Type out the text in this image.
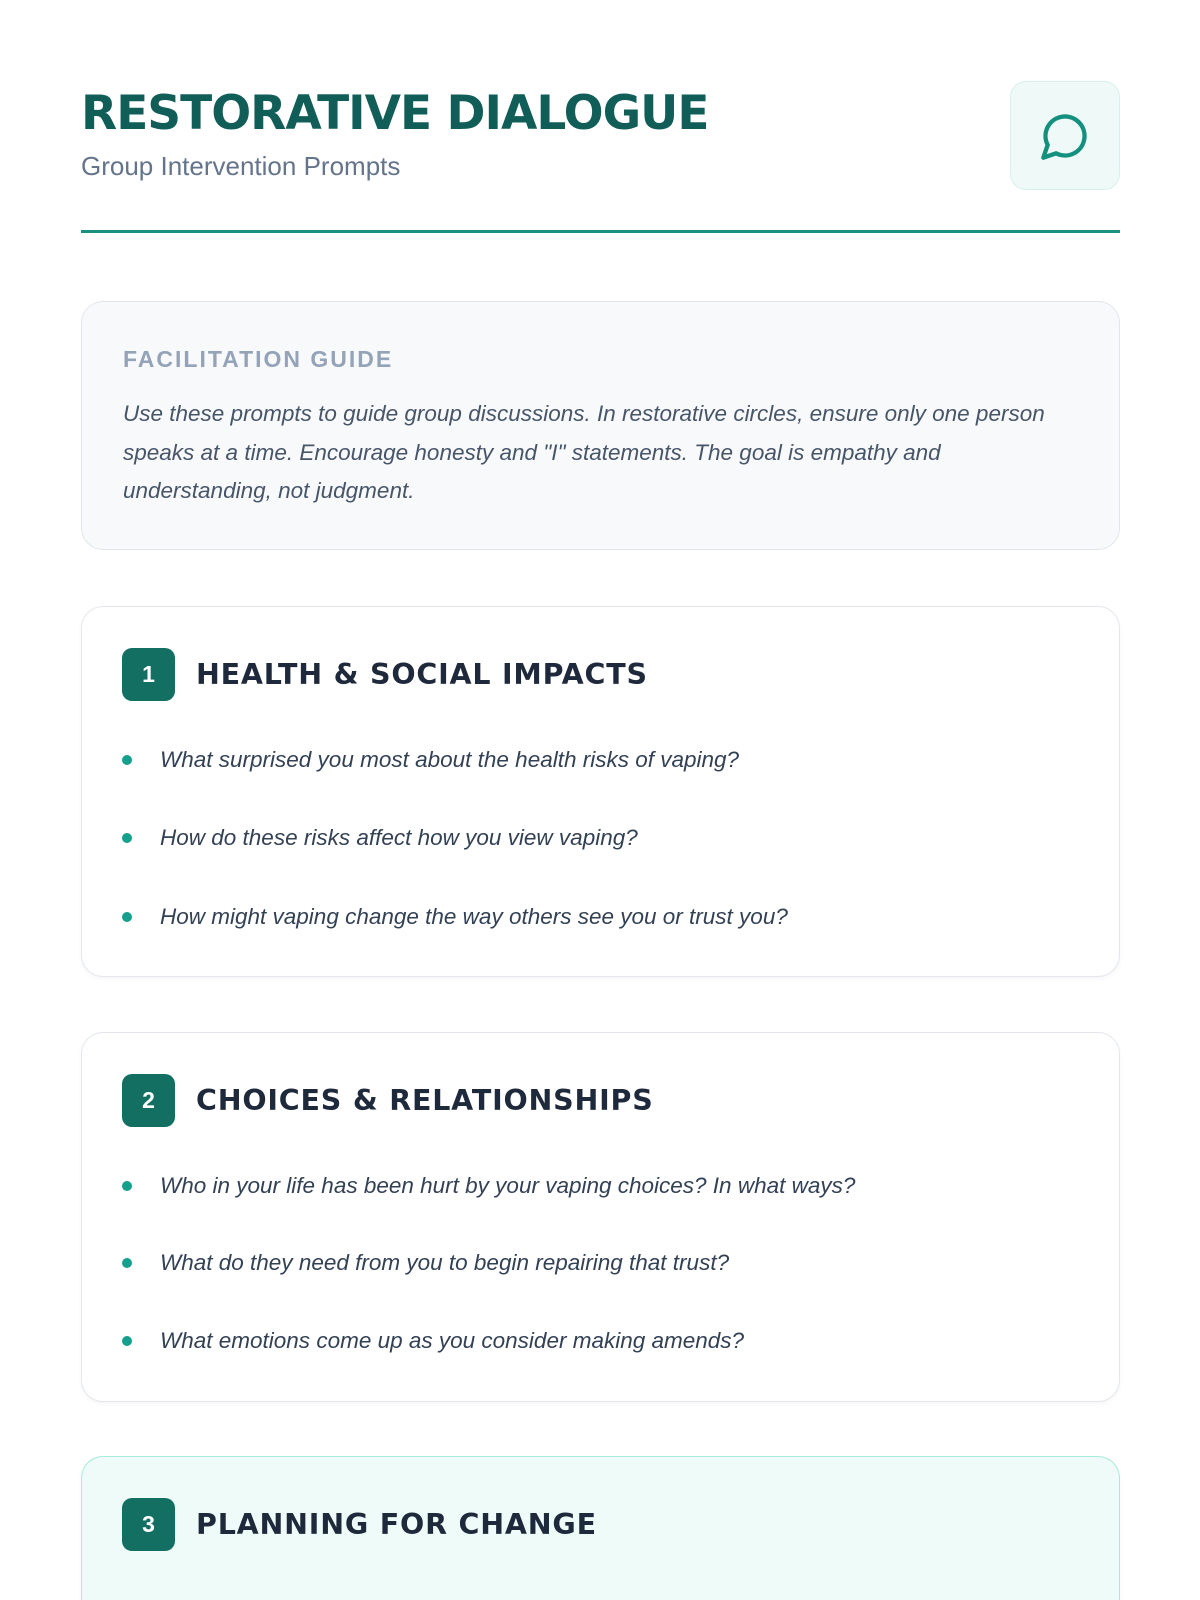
RESTORATIVE DIALOGUE
Group Intervention Prompts
FACILITATION GUIDE
Use these prompts to guide group discussions. In restorative circles, ensure only one person speaks at a time. Encourage honesty and "I" statements. The goal is empathy and understanding, not judgment.
1	HEALTH & SOCIAL IMPACTS
What surprised you most about the health risks of vaping?
How do these risks affect how you view vaping?
How might vaping change the way others see you or trust you?
2	CHOICES & RELATIONSHIPS
Who in your life has been hurt by your vaping choices? In what ways?
What do they need from you to begin repairing that trust?
What emotions come up as you consider making amends?
3	PLANNING FOR CHANGE
